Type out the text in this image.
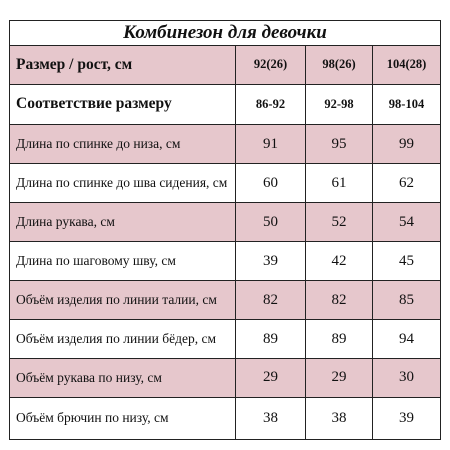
Комбинезон для девочки			
Размер / рост, см	92(26)	98(26)	104(28)
Соответствие размеру	86-92	92-98	98-104
Длина по спинке до низа, см	91	95	99
Длина по спинке до шва сидения, см	60	61	62
Длина рукава, см	50	52	54
Длина по шаговому шву, см	39	42	45
Объём изделия по линии талии, см	82	82	85
Объём изделия по линии бёдер, см	89	89	94
Объём рукава по низу, см	29	29	30
Объём брючин по низу, см	38	38	39
